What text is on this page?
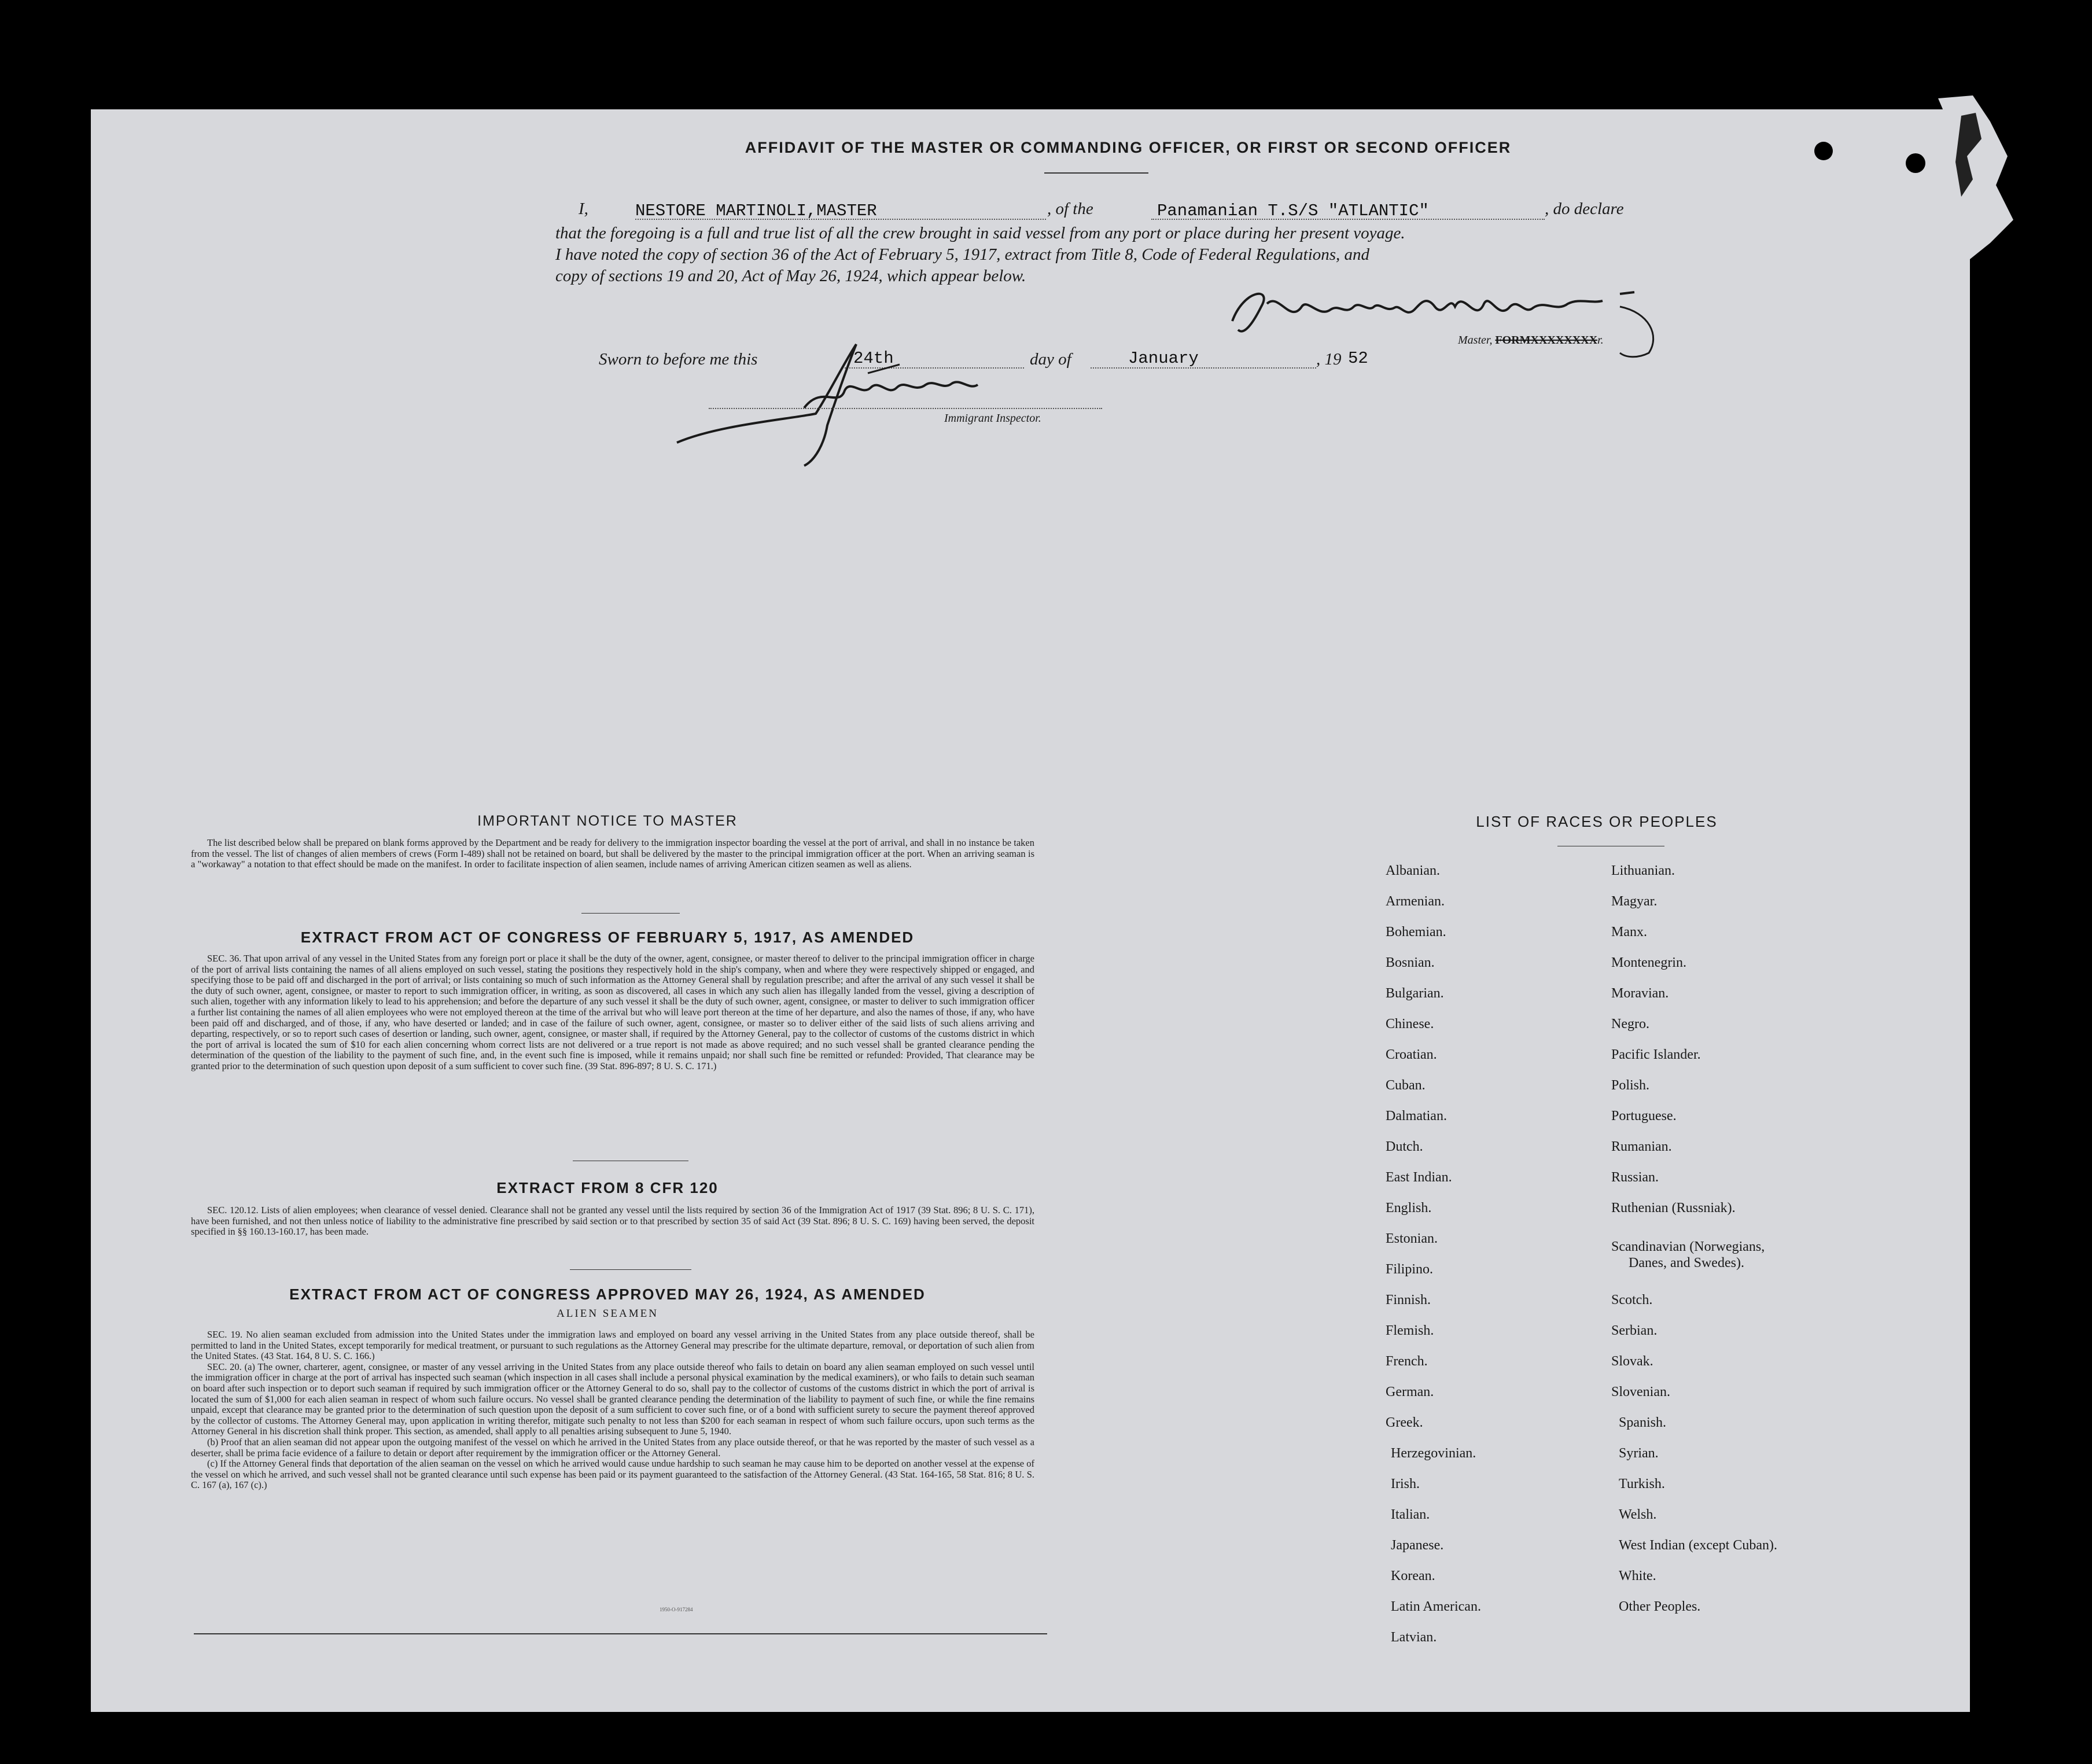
AFFIDAVIT OF THE MASTER OR COMMANDING OFFICER, OR FIRST OR SECOND OFFICER
I,	NESTORE MARTINOLI,MASTER	, of the	Panamanian T.S/S "ATLANTIC"	, do declare
that the foregoing is a full and true list of all the crew brought in said vessel from any port or place during her present voyage.
I have noted the copy of section 36 of the Act of February 5, 1917, extract from Title 8, Code of Federal Regulations, and
copy of sections 19 and 20, Act of May 26, 1924, which appear below.
Master, FORMXXXXXXXXr.
Sworn to before me this	24th	day of	January	, 19 52
Immigrant Inspector.
IMPORTANT NOTICE TO MASTER

The list described below shall be prepared on blank forms approved by the Department and be ready for delivery to the immigration inspector boarding the vessel at the port of arrival, and shall in no instance be taken from the vessel. The list of changes of alien members of crews (Form I-489) shall not be retained on board, but shall be delivered by the master to the principal immigration officer at the port. When an arriving seaman is a "workaway" a notation to that effect should be made on the manifest. In order to facilitate inspection of alien seamen, include names of arriving American citizen seamen as well as aliens.

EXTRACT FROM ACT OF CONGRESS OF FEBRUARY 5, 1917, AS AMENDED

SEC. 36. That upon arrival of any vessel in the United States from any foreign port or place it shall be the duty of the owner, agent, consignee, or master thereof to deliver to the principal immigration officer in charge of the port of arrival lists containing the names of all aliens employed on such vessel, stating the positions they respectively hold in the ship's company, when and where they were respectively shipped or engaged, and specifying those to be paid off and discharged in the port of arrival; or lists containing so much of such information as the Attorney General shall by regulation prescribe; and after the arrival of any such vessel it shall be the duty of such owner, agent, consignee, or master to report to such immigration officer, in writing, as soon as discovered, all cases in which any such alien has illegally landed from the vessel, giving a description of such alien, together with any information likely to lead to his apprehension; and before the departure of any such vessel it shall be the duty of such owner, agent, consignee, or master to deliver to such immigration officer a further list containing the names of all alien employees who were not employed thereon at the time of the arrival but who will leave port thereon at the time of her departure, and also the names of those, if any, who have been paid off and discharged, and of those, if any, who have deserted or landed; and in case of the failure of such owner, agent, consignee, or master so to deliver either of the said lists of such aliens arriving and departing, respectively, or so to report such cases of desertion or landing, such owner, agent, consignee, or master shall, if required by the Attorney General, pay to the collector of customs of the customs district in which the port of arrival is located the sum of $10 for each alien concerning whom correct lists are not delivered or a true report is not made as above required; and no such vessel shall be granted clearance pending the determination of the question of the liability to the payment of such fine, and, in the event such fine is imposed, while it remains unpaid; nor shall such fine be remitted or refunded: Provided, That clearance may be granted prior to the determination of such question upon deposit of a sum sufficient to cover such fine. (39 Stat. 896-897; 8 U. S. C. 171.)

EXTRACT FROM 8 CFR 120

SEC. 120.12. Lists of alien employees; when clearance of vessel denied. Clearance shall not be granted any vessel until the lists required by section 36 of the Immigration Act of 1917 (39 Stat. 896; 8 U. S. C. 171), have been furnished, and not then unless notice of liability to the administrative fine prescribed by said section or to that prescribed by section 35 of said Act (39 Stat. 896; 8 U. S. C. 169) having been served, the deposit specified in §§ 160.13-160.17, has been made.

EXTRACT FROM ACT OF CONGRESS APPROVED MAY 26, 1924, AS AMENDED
ALIEN SEAMEN

SEC. 19. No alien seaman excluded from admission into the United States under the immigration laws and employed on board any vessel arriving in the United States from any place outside thereof, shall be permitted to land in the United States, except temporarily for medical treatment, or pursuant to such regulations as the Attorney General may prescribe for the ultimate departure, removal, or deportation of such alien from the United States. (43 Stat. 164, 8 U. S. C. 166.)

SEC. 20. (a) The owner, charterer, agent, consignee, or master of any vessel arriving in the United States from any place outside thereof who fails to detain on board any alien seaman employed on such vessel until the immigration officer in charge at the port of arrival has inspected such seaman (which inspection in all cases shall include a personal physical examination by the medical examiners), or who fails to detain such seaman on board after such inspection or to deport such seaman if required by such immigration officer or the Attorney General to do so, shall pay to the collector of customs of the customs district in which the port of arrival is located the sum of $1,000 for each alien seaman in respect of whom such failure occurs. No vessel shall be granted clearance pending the determination of the liability to payment of such fine, or while the fine remains unpaid, except that clearance may be granted prior to the determination of such question upon the deposit of a sum sufficient to cover such fine, or of a bond with sufficient surety to secure the payment thereof approved by the collector of customs. The Attorney General may, upon application in writing therefor, mitigate such penalty to not less than $200 for each seaman in respect of whom such failure occurs, upon such terms as the Attorney General in his discretion shall think proper. This section, as amended, shall apply to all penalties arising subsequent to June 5, 1940.

(b) Proof that an alien seaman did not appear upon the outgoing manifest of the vessel on which he arrived in the United States from any place outside thereof, or that he was reported by the master of such vessel as a deserter, shall be prima facie evidence of a failure to detain or deport after requirement by the immigration officer or the Attorney General.

(c) If the Attorney General finds that deportation of the alien seaman on the vessel on which he arrived would cause undue hardship to such seaman he may cause him to be deported on another vessel at the expense of the vessel on which he arrived, and such vessel shall not be granted clearance until such expense has been paid or its payment guaranteed to the satisfaction of the Attorney General. (43 Stat. 164-165, 58 Stat. 816; 8 U. S. C. 167 (a), 167 (c).)

1950-O-917284
LIST OF RACES OR PEOPLES
Albanian.
Armenian.
Bohemian.
Bosnian.
Bulgarian.
Chinese.
Croatian.
Cuban.
Dalmatian.
Dutch.
East Indian.
English.
Estonian.
Filipino.
Finnish.
Flemish.
French.
German.
Greek.
Herzegovinian.
Irish.
Italian.
Japanese.
Korean.
Latin American.
Latvian.
Lithuanian.
Magyar.
Manx.
Montenegrin.
Moravian.
Negro.
Pacific Islander.
Polish.
Portuguese.
Rumanian.
Russian.
Ruthenian (Russniak).
Scandinavian (Norwegians,
Danes, and Swedes).
Scotch.
Serbian.
Slovak.
Slovenian.
Spanish.
Syrian.
Turkish.
Welsh.
West Indian (except Cuban).
White.
Other Peoples.
